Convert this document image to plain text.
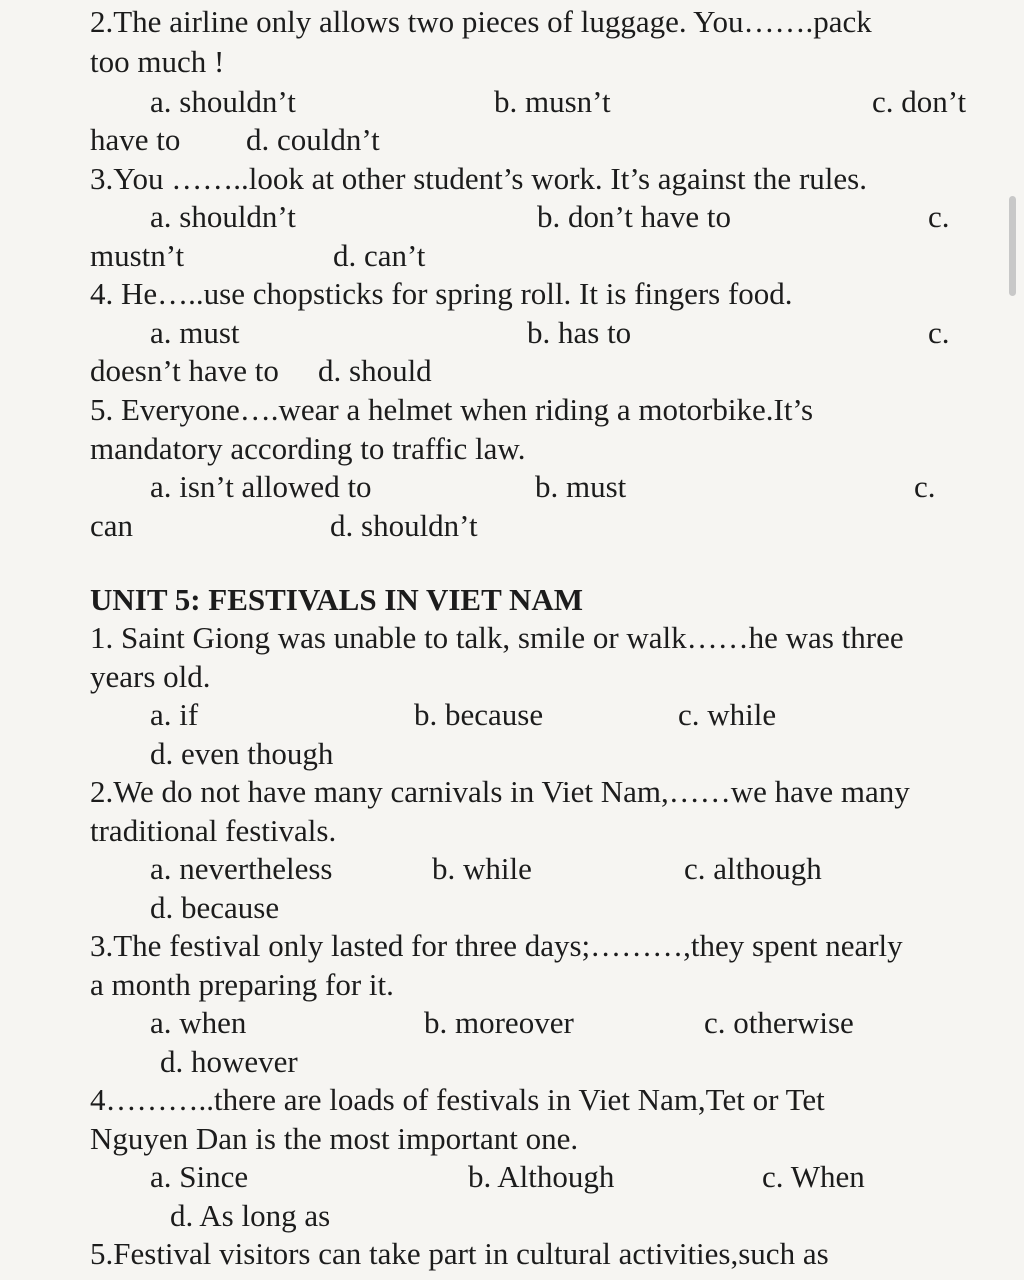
2.The airline only allows two pieces of luggage. You…….pack
too much !
a. shouldn’t	b. musn’t	c. don’t
have to d. couldn’t
3.You ……..look at other student’s work. It’s against the rules.
a. shouldn’t	b. don’t have to	c.
mustn’t	d. can’t
4. He…..use chopsticks for spring roll. It is fingers food.
a. must	b. has to	c.
doesn’t have to d. should
5. Everyone….wear a helmet when riding a motorbike.It’s
mandatory according to traffic law.
a. isn’t allowed to	b. must	c.
can	d. shouldn’t
UNIT 5: FESTIVALS IN VIET NAM
1. Saint Giong was unable to talk, smile or walk……he was three
years old.
a. if	b. because	c. while
d. even though
2.We do not have many carnivals in Viet Nam,……we have many
traditional festivals.
a. nevertheless	b. while	c. although
d. because
3.The festival only lasted for three days;………,they spent nearly
a month preparing for it.
a. when	b. moreover	c. otherwise
d. however
4………..there are loads of festivals in Viet Nam,Tet or Tet
Nguyen Dan is the most important one.
a. Since	b. Although	c. When
d. As long as
5.Festival visitors can take part in cultural activities,such as
